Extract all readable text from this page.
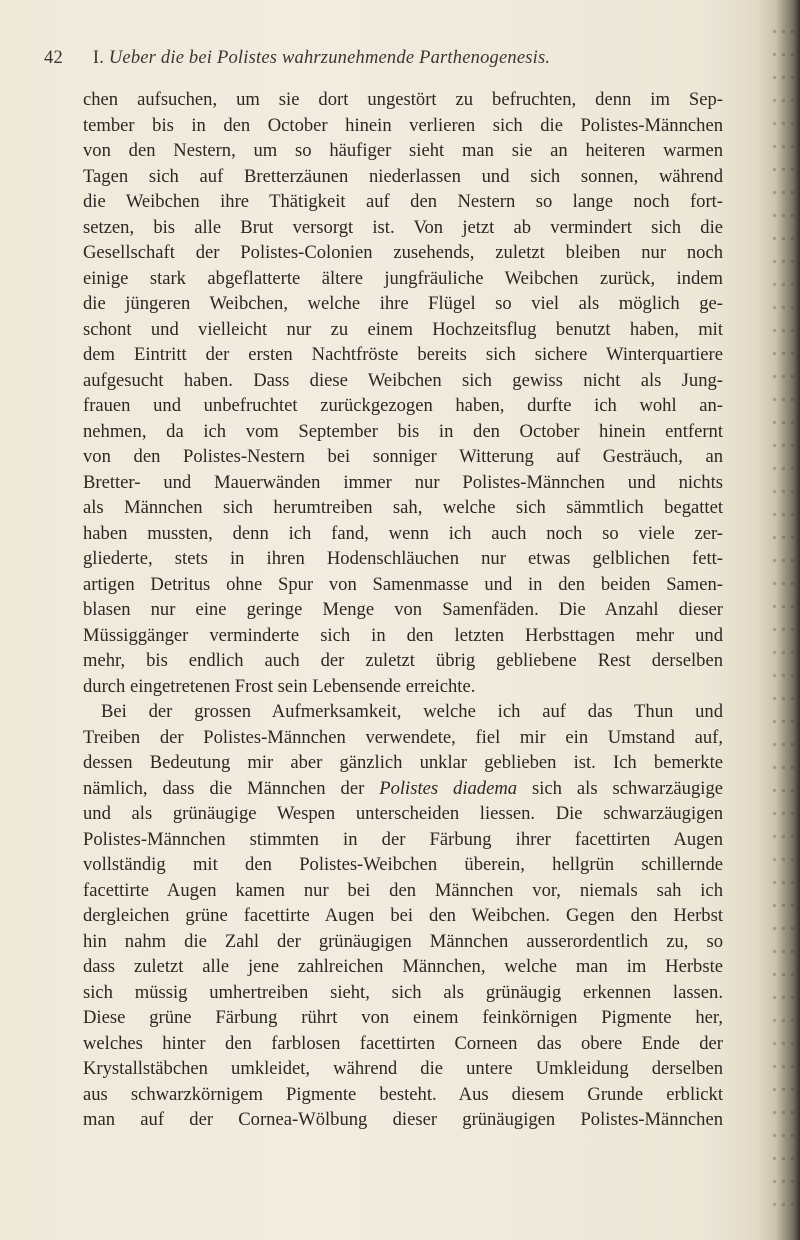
42 I. Ueber die bei Polistes wahrzunehmende Parthenogenesis.
chen aufsuchen, um sie dort ungestört zu befruchten, denn im Sep-
tember bis in den October hinein verlieren sich die Polistes-Männchen
von den Nestern, um so häufiger sieht man sie an heiteren warmen
Tagen sich auf Bretterzäunen niederlassen und sich sonnen, während
die Weibchen ihre Thätigkeit auf den Nestern so lange noch fort-
setzen, bis alle Brut versorgt ist. Von jetzt ab vermindert sich die
Gesellschaft der Polistes-Colonien zusehends, zuletzt bleiben nur noch
einige stark abgeflatterte ältere jungfräuliche Weibchen zurück, indem
die jüngeren Weibchen, welche ihre Flügel so viel als möglich ge-
schont und vielleicht nur zu einem Hochzeitsflug benutzt haben, mit
dem Eintritt der ersten Nachtfröste bereits sich sichere Winterquartiere
aufgesucht haben. Dass diese Weibchen sich gewiss nicht als Jung-
frauen und unbefruchtet zurückgezogen haben, durfte ich wohl an-
nehmen, da ich vom September bis in den October hinein entfernt
von den Polistes-Nestern bei sonniger Witterung auf Gesträuch, an
Bretter- und Mauerwänden immer nur Polistes-Männchen und nichts
als Männchen sich herumtreiben sah, welche sich sämmtlich begattet
haben mussten, denn ich fand, wenn ich auch noch so viele zer-
gliederte, stets in ihren Hodenschläuchen nur etwas gelblichen fett-
artigen Detritus ohne Spur von Samenmasse und in den beiden Samen-
blasen nur eine geringe Menge von Samenfäden. Die Anzahl dieser
Müssiggänger verminderte sich in den letzten Herbsttagen mehr und
mehr, bis endlich auch der zuletzt übrig gebliebene Rest derselben
durch eingetretenen Frost sein Lebensende erreichte.
Bei der grossen Aufmerksamkeit, welche ich auf das Thun und
Treiben der Polistes-Männchen verwendete, fiel mir ein Umstand auf,
dessen Bedeutung mir aber gänzlich unklar geblieben ist. Ich bemerkte
nämlich, dass die Männchen der Polistes diadema sich als schwarzäugige
und als grünäugige Wespen unterscheiden liessen. Die schwarzäugigen
Polistes-Männchen stimmten in der Färbung ihrer facettirten Augen
vollständig mit den Polistes-Weibchen überein, hellgrün schillernde
facettirte Augen kamen nur bei den Männchen vor, niemals sah ich
dergleichen grüne facettirte Augen bei den Weibchen. Gegen den Herbst
hin nahm die Zahl der grünäugigen Männchen ausserordentlich zu, so
dass zuletzt alle jene zahlreichen Männchen, welche man im Herbste
sich müssig umhertreiben sieht, sich als grünäugig erkennen lassen.
Diese grüne Färbung rührt von einem feinkörnigen Pigmente her,
welches hinter den farblosen facettirten Corneen das obere Ende der
Krystallstäbchen umkleidet, während die untere Umkleidung derselben
aus schwarzkörnigem Pigmente besteht. Aus diesem Grunde erblickt
man auf der Cornea-Wölbung dieser grünäugigen Polistes-Männchen
